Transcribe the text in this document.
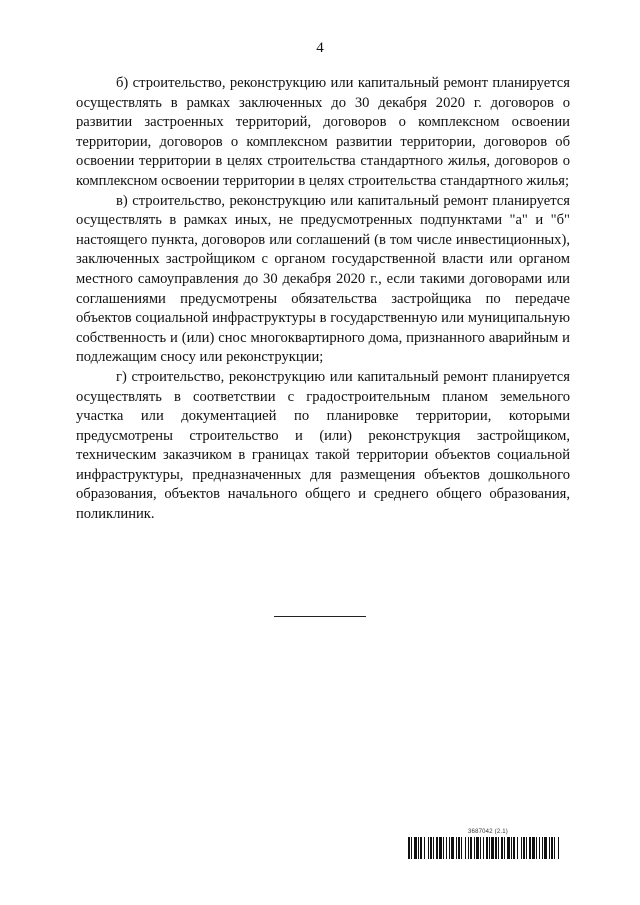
4

б) строительство, реконструкцию или капитальный ремонт планируется осуществлять в рамках заключенных до 30 декабря 2020 г. договоров о развитии застроенных территорий, договоров о комплексном освоении территории, договоров о комплексном развитии территории, договоров об освоении территории в целях строительства стандартного жилья, договоров о комплексном освоении территории в целях строительства стандартного жилья;

в) строительство, реконструкцию или капитальный ремонт планируется осуществлять в рамках иных, не предусмотренных подпунктами "а" и "б" настоящего пункта, договоров или соглашений (в том числе инвестиционных), заключенных застройщиком с органом государственной власти или органом местного самоуправления до 30 декабря 2020 г., если такими договорами или соглашениями предусмотрены обязательства застройщика по передаче объектов социальной инфраструктуры в государственную или муниципальную собственность и (или) снос многоквартирного дома, признанного аварийным и подлежащим сносу или реконструкции;

г) строительство, реконструкцию или капитальный ремонт планируется осуществлять в соответствии с градостроительным планом земельного участка или документацией по планировке территории, которыми предусмотрены строительство и (или) реконструкция застройщиком, техническим заказчиком в границах такой территории объектов социальной инфраструктуры, предназначенных для размещения объектов дошкольного образования, объектов начального общего и среднего общего образования, поликлиник.

3687042 (2.1)
